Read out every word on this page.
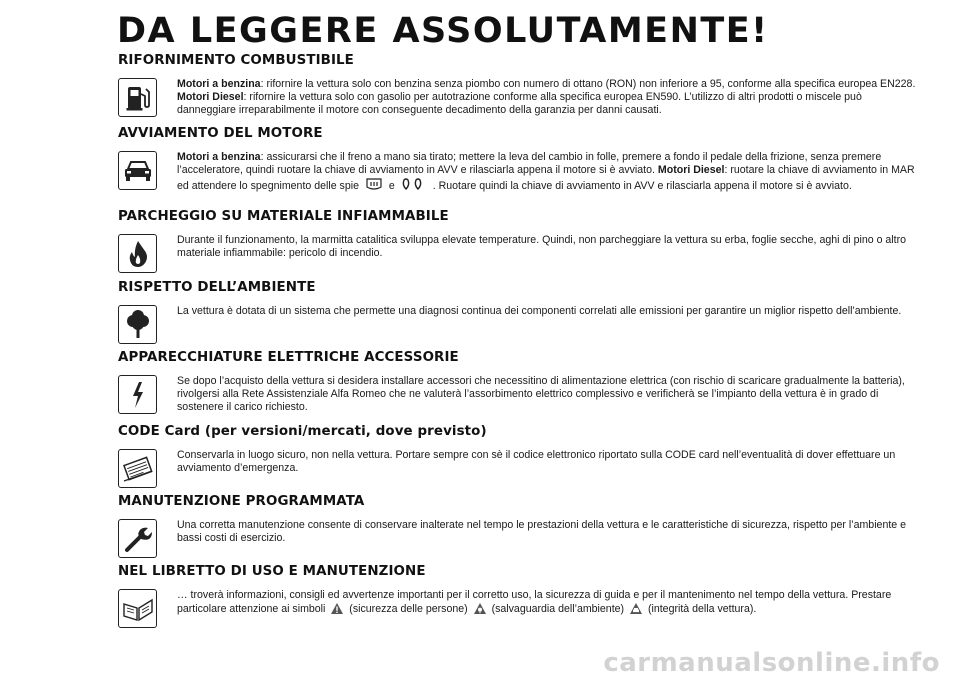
DA LEGGERE ASSOLUTAMENTE!
RIFORNIMENTO COMBUSTIBILE
Motori a benzina: rifornire la vettura solo con benzina senza piombo con numero di ottano (RON) non inferiore a 95, conforme alla specifica europea EN228. Motori Diesel: rifornire la vettura solo con gasolio per autotrazione conforme alla specifica europea EN590. L’utilizzo di altri prodotti o miscele può danneggiare irreparabilmente il motore con conseguente decadimento della garanzia per danni causati.
AVVIAMENTO DEL MOTORE
Motori a benzina: assicurarsi che il freno a mano sia tirato; mettere la leva del cambio in folle, premere a fondo il pedale della frizione, senza premere l’acceleratore, quindi ruotare la chiave di avviamento in AVV e rilasciarla appena il motore si è avviato. Motori Diesel: ruotare la chiave di avviamento in MAR ed attendere lo spegnimento delle spie	e	. Ruotare quindi la chiave di avviamento in AVV e rilasciarla appena il motore si è avviato.
PARCHEGGIO SU MATERIALE INFIAMMABILE
Durante il funzionamento, la marmitta catalitica sviluppa elevate temperature. Quindi, non parcheggiare la vettura su erba, foglie secche, aghi di pino o altro materiale infiammabile: pericolo di incendio.
RISPETTO DELL’AMBIENTE
La vettura è dotata di un sistema che permette una diagnosi continua dei componenti correlati alle emissioni per garantire un miglior rispetto dell’ambiente.
APPARECCHIATURE ELETTRICHE ACCESSORIE
Se dopo l’acquisto della vettura si desidera installare accessori che necessitino di alimentazione elettrica (con rischio di scaricare gradualmente la batteria), rivolgersi alla Rete Assistenziale Alfa Romeo che ne valuterà l’assorbimento elettrico complessivo e verificherà se l’impianto della vettura è in grado di sostenere il carico richiesto.
CODE Card (per versioni/mercati, dove previsto)
Conservarla in luogo sicuro, non nella vettura. Portare sempre con sè il codice elettronico riportato sulla CODE card nell’eventualità di dover effettuare un avviamento d’emergenza.
MANUTENZIONE PROGRAMMATA
Una corretta manutenzione consente di conservare inalterate nel tempo le prestazioni della vettura e le caratteristiche di sicurezza, rispetto per l’ambiente e bassi costi di esercizio.
NEL LIBRETTO DI USO E MANUTENZIONE
… troverà informazioni, consigli ed avvertenze importanti per il corretto uso, la sicurezza di guida e per il mantenimento nel tempo della vettura. Prestare particolare attenzione ai simboli (sicurezza delle persone) (salvaguardia dell’ambiente) (integrità della vettura).
carmanualsonline.info
